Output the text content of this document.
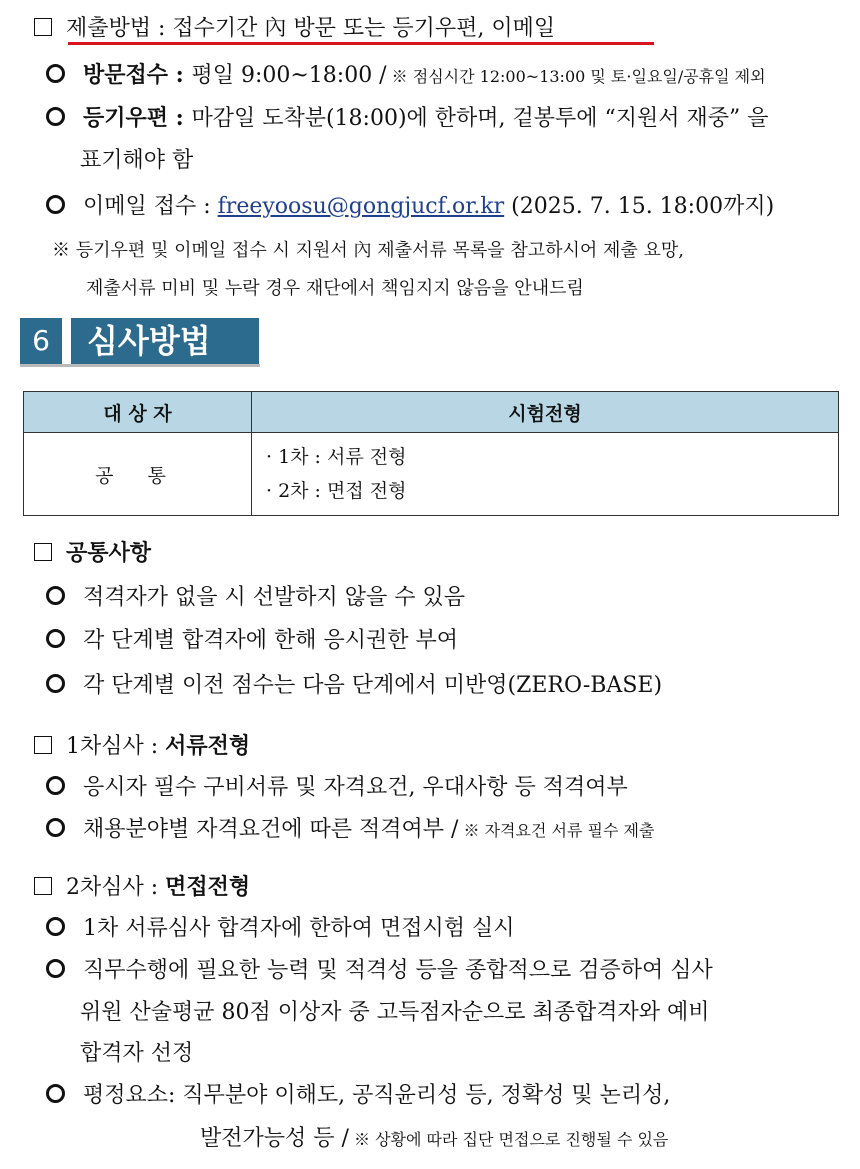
제출방법 : 접수기간 內 방문 또는 등기우편, 이메일
방문접수 : 평일 9:00~18:00 / ※ 점심시간 12:00~13:00 및 토·일요일/공휴일 제외
등기우편 : 마감일 도착분(18:00)에 한하며, 겉봉투에 “지원서 재중” 을
표기해야 함
이메일 접수 : freeyoosu@gongjucf.or.kr (2025. 7. 15. 18:00까지)
※ 등기우편 및 이메일 접수 시 지원서 內 제출서류 목록을 참고하시어 제출 요망,
제출서류 미비 및 누락 경우 재단에서 책임지지 않음을 안내드림
6	심사방법
대 상 자	시험전형
공 통	· 1차 : 서류 전형
· 2차 : 면접 전형
공통사항
적격자가 없을 시 선발하지 않을 수 있음
각 단계별 합격자에 한해 응시권한 부여
각 단계별 이전 점수는 다음 단계에서 미반영(ZERO-BASE)
1차심사 : 서류전형
응시자 필수 구비서류 및 자격요건, 우대사항 등 적격여부
채용분야별 자격요건에 따른 적격여부 / ※ 자격요건 서류 필수 제출
2차심사 : 면접전형
1차 서류심사 합격자에 한하여 면접시험 실시
직무수행에 필요한 능력 및 적격성 등을 종합적으로 검증하여 심사
위원 산술평균 80점 이상자 중 고득점자순으로 최종합격자와 예비
합격자 선정
평정요소: 직무분야 이해도, 공직윤리성 등, 정확성 및 논리성,
발전가능성 등 / ※ 상황에 따라 집단 면접으로 진행될 수 있음
